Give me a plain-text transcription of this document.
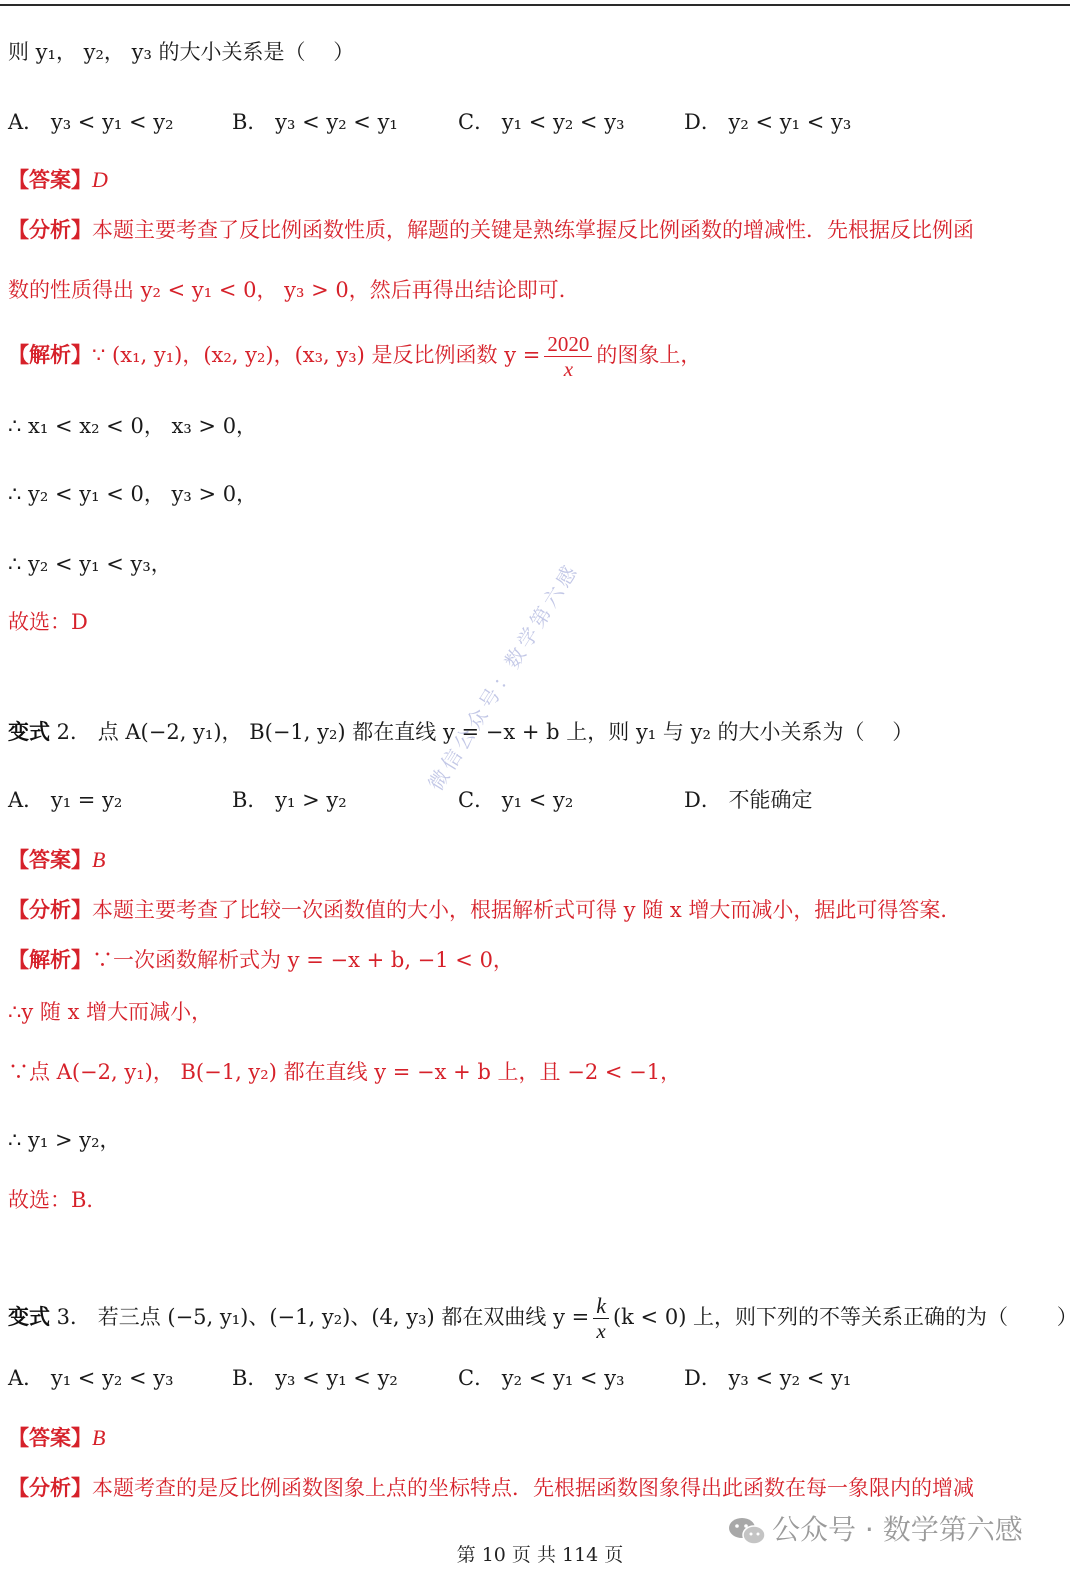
则 y₁， y₂， y₃ 的大小关系是（　 ）
A． y₃ < y₁ < y₂	B． y₃ < y₂ < y₁	C． y₁ < y₂ < y₃	D． y₂ < y₁ < y₃
【答案】D
【分析】本题主要考查了反比例函数性质，解题的关键是熟练掌握反比例函数的增减性．先根据反比例函
数的性质得出 y₂ < y₁ < 0， y₃ > 0，然后再得出结论即可．
【解析】∵ (x₁, y₁)，(x₂, y₂)，(x₃, y₃) 是反比例函数 $y = \frac{2020}{x}$ 的图象上，
∴ x₁ < x₂ < 0， x₃ > 0，
∴ y₂ < y₁ < 0， y₃ > 0，
∴ y₂ < y₁ < y₃，
故选：D
变式 2． 点 A(−2, y₁)， B(−1, y₂) 都在直线 y = −x + b 上，则 y₁ 与 y₂ 的大小关系为（　 ）
A． y₁ = y₂	B． y₁ > y₂	C． y₁ < y₂	D． 不能确定
【答案】B
【分析】本题主要考查了比较一次函数值的大小，根据解析式可得 y 随 x 增大而减小，据此可得答案．
【解析】∵一次函数解析式为 y = −x + b, −1 < 0，
∴y 随 x 增大而减小，
∵点 A(−2, y₁)， B(−1, y₂) 都在直线 y = −x + b 上，且 −2 < −1，
∴ y₁ > y₂，
故选：B．
变式 3． 若三点 (−5, y₁)、(−1, y₂)、(4, y₃) 都在双曲线 $y = \frac{k}{x} (k < 0)$ 上，则下列的不等关系正确的为（　　 ）
A． y₁ < y₂ < y₃	B． y₃ < y₁ < y₂	C． y₂ < y₁ < y₃	D． y₃ < y₂ < y₁
【答案】B
【分析】本题考查的是反比例函数图象上点的坐标特点．先根据函数图象得出此函数在每一象限内的增减
微信公众号：数学第六感
公众号 · 数学第六感
第 10 页 共 114 页
